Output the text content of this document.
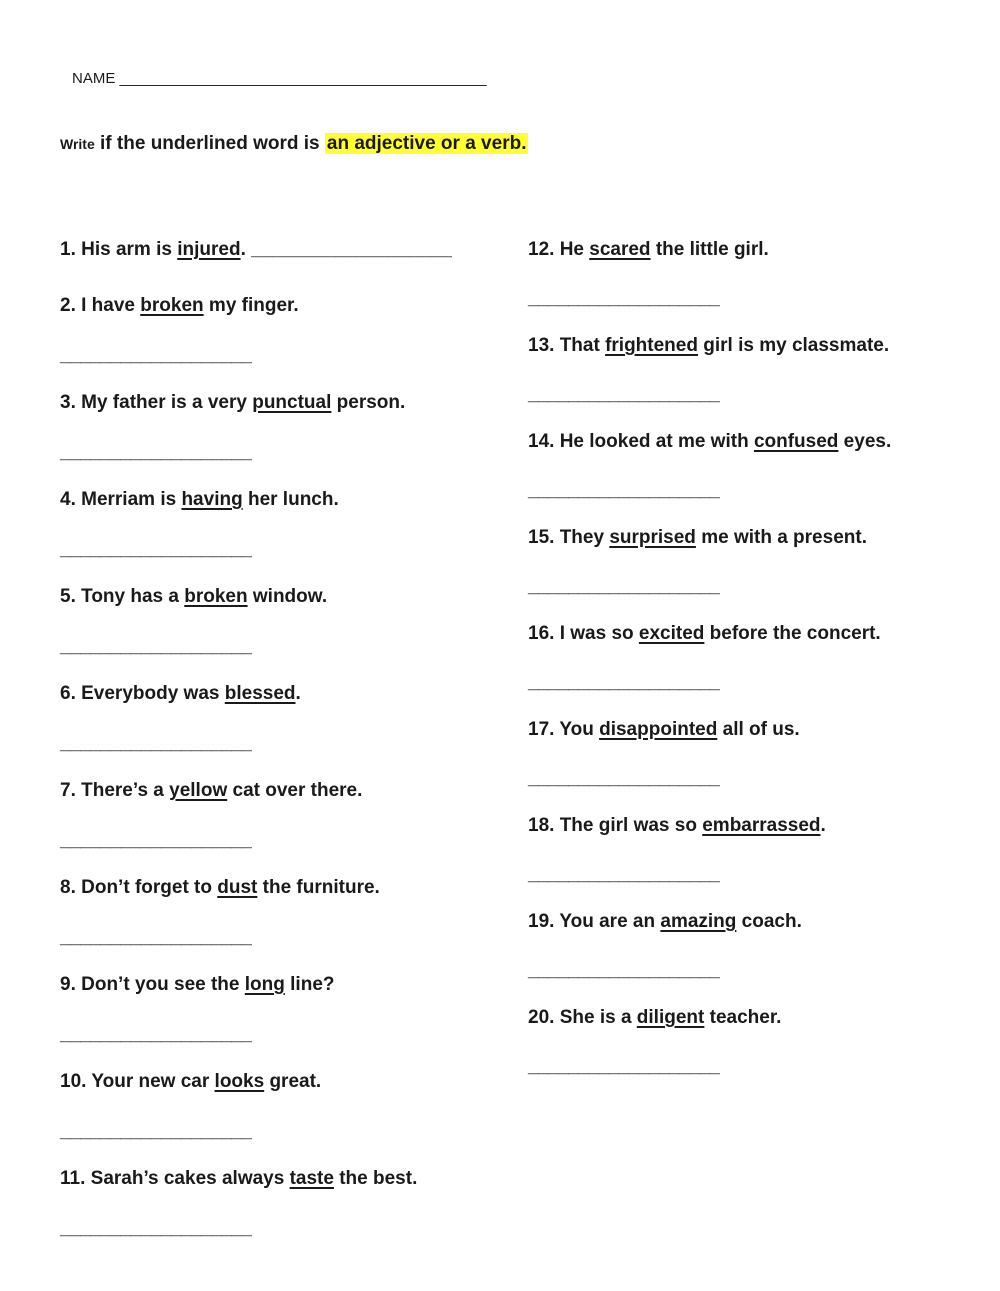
NAME ____________________________________________
Write if the underlined word is an adjective or a verb.
1. His arm is injured. ___________________
2. I have broken my finger.
___________________
3. My father is a very punctual person.
___________________
4. Merriam is having her lunch.
___________________
5. Tony has a broken window.
___________________
6. Everybody was blessed.
___________________
7. There’s a yellow cat over there.
___________________
8. Don’t forget to dust the furniture.
___________________
9. Don’t you see the long line?
___________________
10. Your new car looks great.
___________________
11. Sarah’s cakes always taste the best.
___________________
12. He scared the little girl.
___________________
13. That frightened girl is my classmate.
___________________
14. He looked at me with confused eyes.
___________________
15. They surprised me with a present.
___________________
16. I was so excited before the concert.
___________________
17. You disappointed all of us.
___________________
18. The girl was so embarrassed.
___________________
19. You are an amazing coach.
___________________
20. She is a diligent teacher.
___________________
